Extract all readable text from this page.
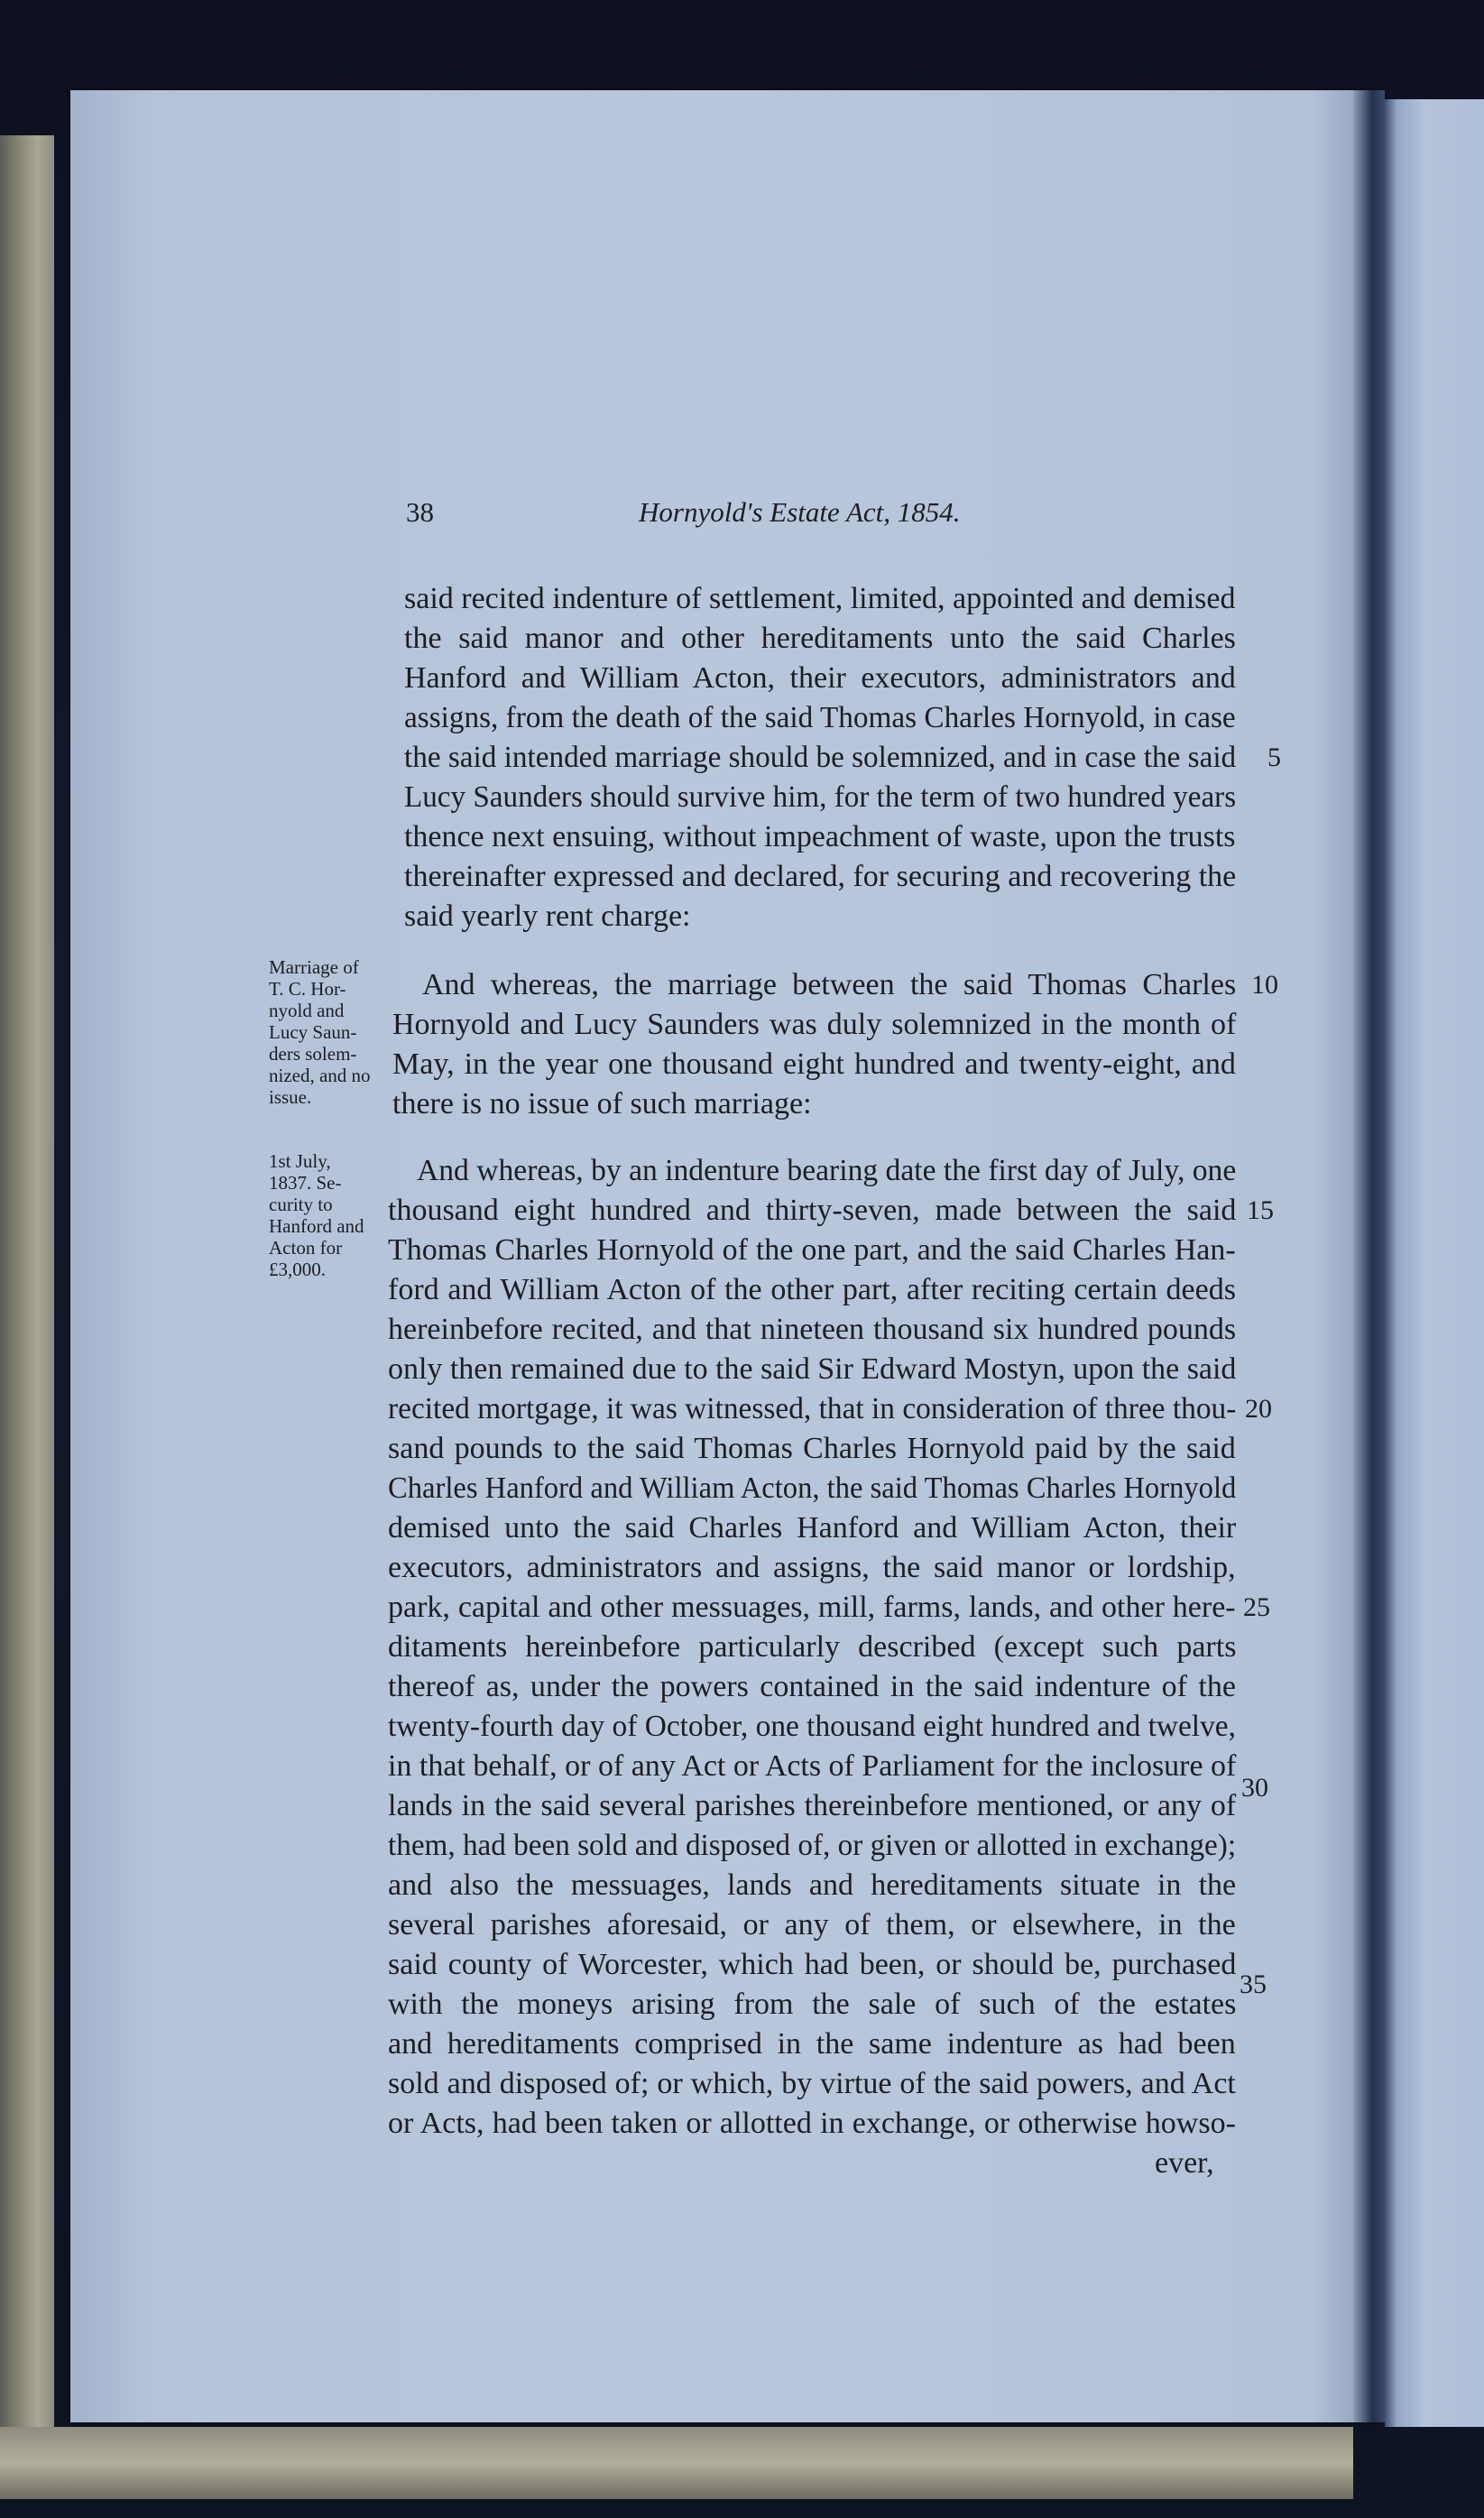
38	Hornyold's Estate Act, 1854.
Marriage of
T. C. Hor-
nyold and
Lucy Saun-
ders solem-
nized, and no
issue.
1st July,
1837. Se-
curity to
Hanford and
Acton for
£3,000.
said recited indenture of settlement, limited, appointed and demised
the said manor and other hereditaments unto the said Charles
Hanford and William Acton, their executors, administrators and
assigns, from the death of the said Thomas Charles Hornyold, in case
the said intended marriage should be solemnized, and in case the said
Lucy Saunders should survive him, for the term of two hundred years
thence next ensuing, without impeachment of waste, upon the trusts
thereinafter expressed and declared, for securing and recovering the
said yearly rent charge:
And whereas, the marriage between the said Thomas Charles
Hornyold and Lucy Saunders was duly solemnized in the month of
May, in the year one thousand eight hundred and twenty-eight, and
there is no issue of such marriage:
And whereas, by an indenture bearing date the first day of July, one
thousand eight hundred and thirty-seven, made between the said
Thomas Charles Hornyold of the one part, and the said Charles Han-
ford and William Acton of the other part, after reciting certain deeds
hereinbefore recited, and that nineteen thousand six hundred pounds
only then remained due to the said Sir Edward Mostyn, upon the said
recited mortgage, it was witnessed, that in consideration of three thou-
sand pounds to the said Thomas Charles Hornyold paid by the said
Charles Hanford and William Acton, the said Thomas Charles Hornyold
demised unto the said Charles Hanford and William Acton, their
executors, administrators and assigns, the said manor or lordship,
park, capital and other messuages, mill, farms, lands, and other here-
ditaments hereinbefore particularly described (except such parts
thereof as, under the powers contained in the said indenture of the
twenty-fourth day of October, one thousand eight hundred and twelve,
in that behalf, or of any Act or Acts of Parliament for the inclosure of
lands in the said several parishes thereinbefore mentioned, or any of
them, had been sold and disposed of, or given or allotted in exchange);
and also the messuages, lands and hereditaments situate in the
several parishes aforesaid, or any of them, or elsewhere, in the
said county of Worcester, which had been, or should be, purchased
with the moneys arising from the sale of such of the estates
and hereditaments comprised in the same indenture as had been
sold and disposed of; or which, by virtue of the said powers, and Act
or Acts, had been taken or allotted in exchange, or otherwise howso-
ever,
5
10
15
20
25
30
35
